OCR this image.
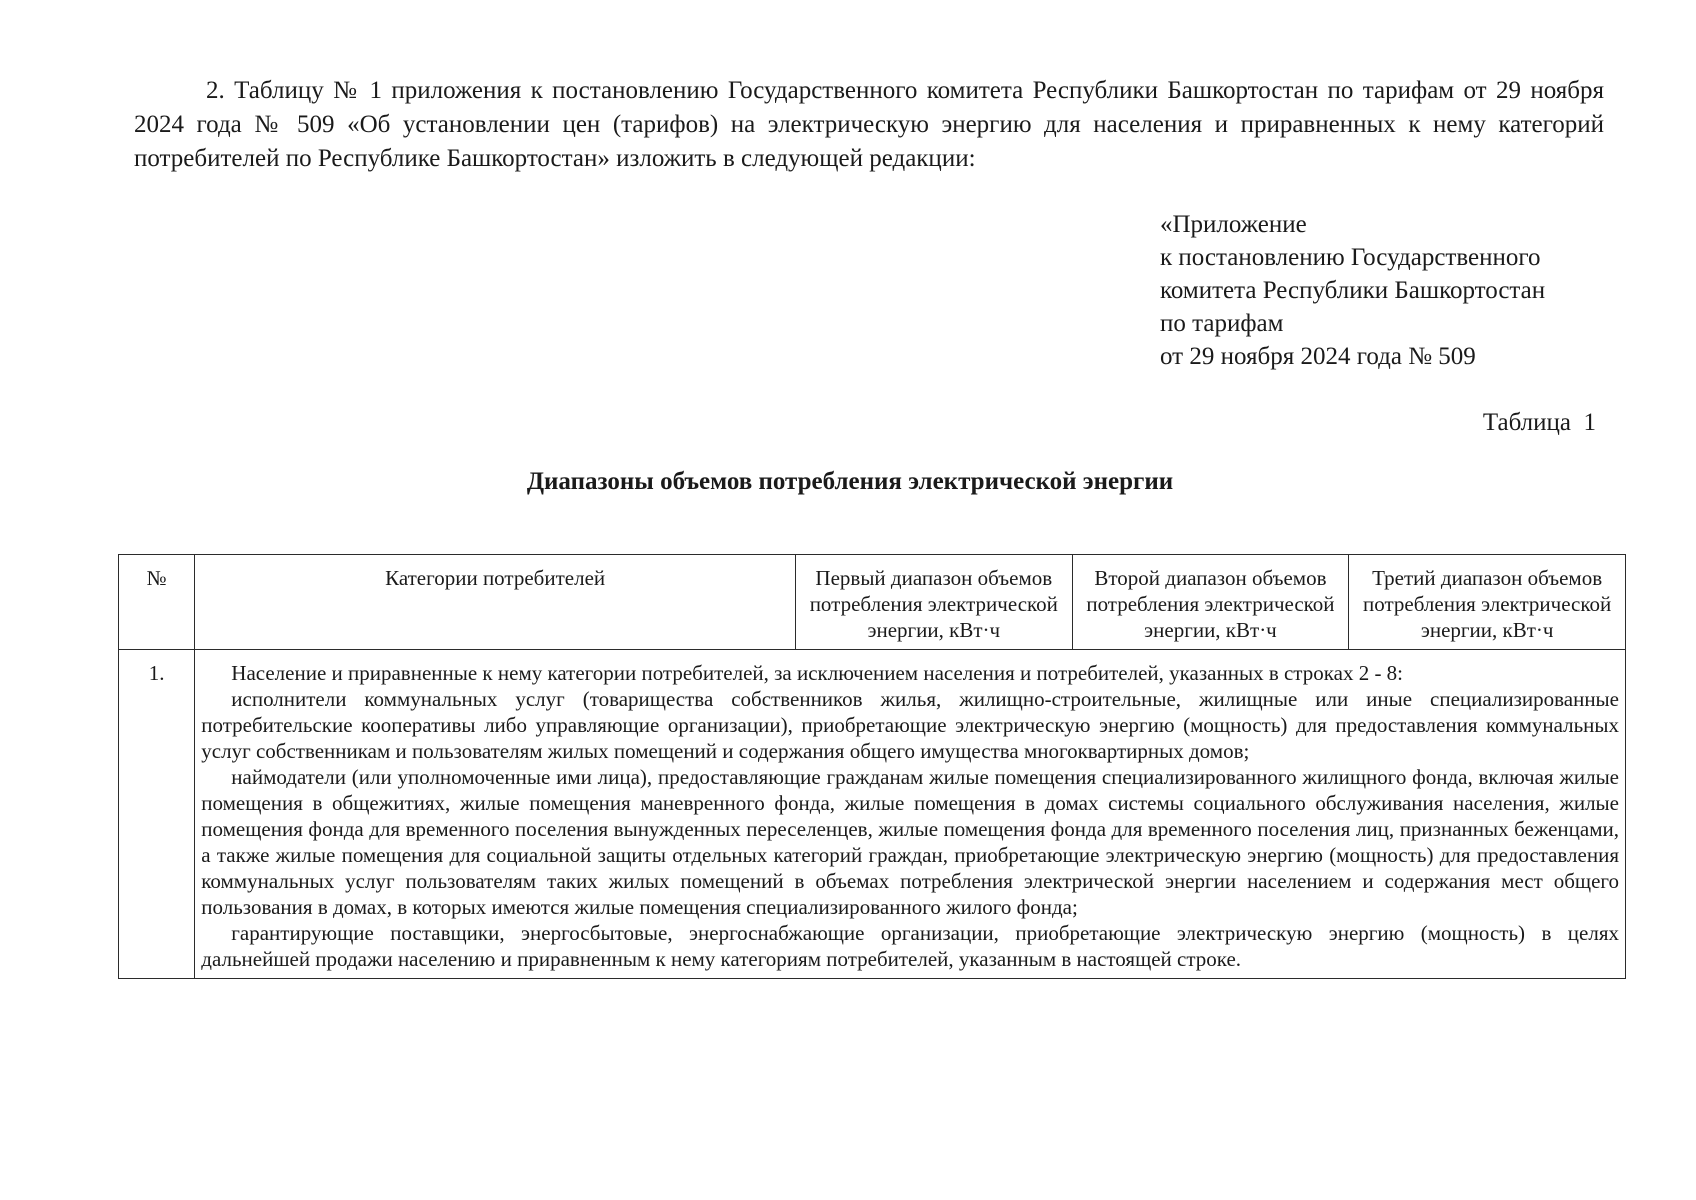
2. Таблицу № 1 приложения к постановлению Государственного комитета Республики Башкортостан по тарифам от 29 ноября 2024 года № 509 «Об установлении цен (тарифов) на электрическую энергию для населения и приравненных к нему категорий потребителей по Республике Башкортостан» изложить в следующей редакции:

«Приложение
к постановлению Государственного
комитета Республики Башкортостан
по тарифам
от 29 ноября 2024 года № 509

Таблица  1

Диапазоны объемов потребления электрической энергии

№	Категории потребителей	Первый диапазон объемов потребления электрической энергии, кВт·ч	Второй диапазон объемов потребления электрической энергии, кВт·ч	Третий диапазон объемов потребления электрической энергии, кВт·ч
1.	Население и приравненные к нему категории потребителей, за исключением населения и потребителей, указанных в строках 2 - 8:

исполнители коммунальных услуг (товарищества собственников жилья, жилищно-строительные, жилищные или иные специализированные потребительские кооперативы либо управляющие организации), приобретающие электрическую энергию (мощность) для предоставления коммунальных услуг собственникам и пользователям жилых помещений и содержания общего имущества многоквартирных домов;

наймодатели (или уполномоченные ими лица), предоставляющие гражданам жилые помещения специализированного жилищного фонда, включая жилые помещения в общежитиях, жилые помещения маневренного фонда, жилые помещения в домах системы социального обслуживания населения, жилые помещения фонда для временного поселения вынужденных переселенцев, жилые помещения фонда для временного поселения лиц, признанных беженцами, а также жилые помещения для социальной защиты отдельных категорий граждан, приобретающие электрическую энергию (мощность) для предоставления коммунальных услуг пользователям таких жилых помещений в объемах потребления электрической энергии населением и содержания мест общего пользования в домах, в которых имеются жилые помещения специализированного жилого фонда;

гарантирующие поставщики, энергосбытовые, энергоснабжающие организации, приобретающие электрическую энергию (мощность) в целях дальнейшей продажи населению и приравненным к нему категориям потребителей, указанным в настоящей строке.			
